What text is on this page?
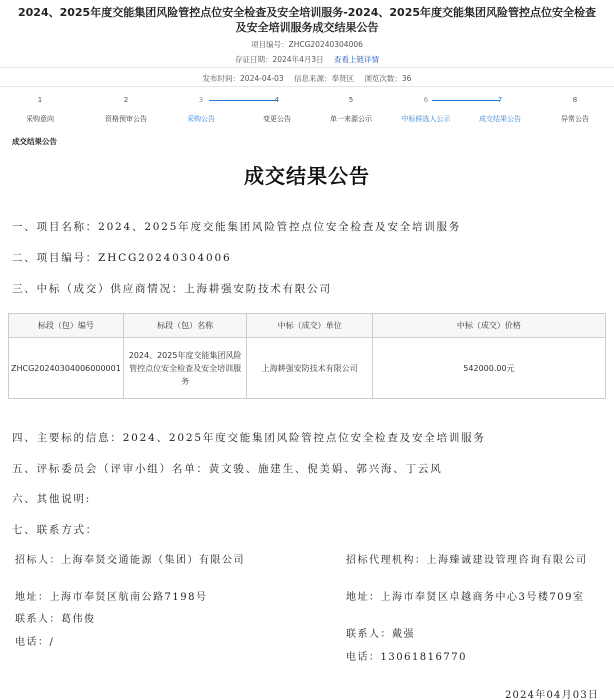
2024、2025年度交能集团风险管控点位安全检查及安全培训服务-2024、2025年度交能集团风险管控点位安全检查及安全培训服务成交结果公告
项目编号：ZHCG20240304006
存证日期：2024年4月3日 查看上链详情
发布时间：2024-04-03 信息来源：奉贤区 浏览次数：36
1
采购意向
2
资格预审公告
3
采购公告
4
变更公告
5
单一来源公示
6
中标候选人公示
7
成交结果公告
8
异常公告
成交结果公告
成交结果公告
一、项目名称：2024、2025年度交能集团风险管控点位安全检查及安全培训服务
二、项目编号：ZHCG20240304006
三、中标（成交）供应商情况：上海耕强安防技术有限公司
标段（包）编号	标段（包）名称	中标（成交）单位	中标（成交）价格
ZHCG20240304006000001	2024、2025年度交能集团风险管控点位安全检查及安全培训服务	上海耕强安防技术有限公司	542000.00元
四、主要标的信息：2024、2025年度交能集团风险管控点位安全检查及安全培训服务
五、评标委员会（评审小组）名单：黄文骏、施建生、倪美娟、郭兴海、丁云风
六、其他说明:
七、联系方式：
招标人：上海奉贤交通能源（集团）有限公司
地址：上海市奉贤区航南公路7198号
联系人：葛伟俊
电话：/
招标代理机构：上海臻诚建设管理咨询有限公司
地址：上海市奉贤区卓越商务中心3号楼709室
联系人：戴强
电话：13061816770
2024年04月03日
